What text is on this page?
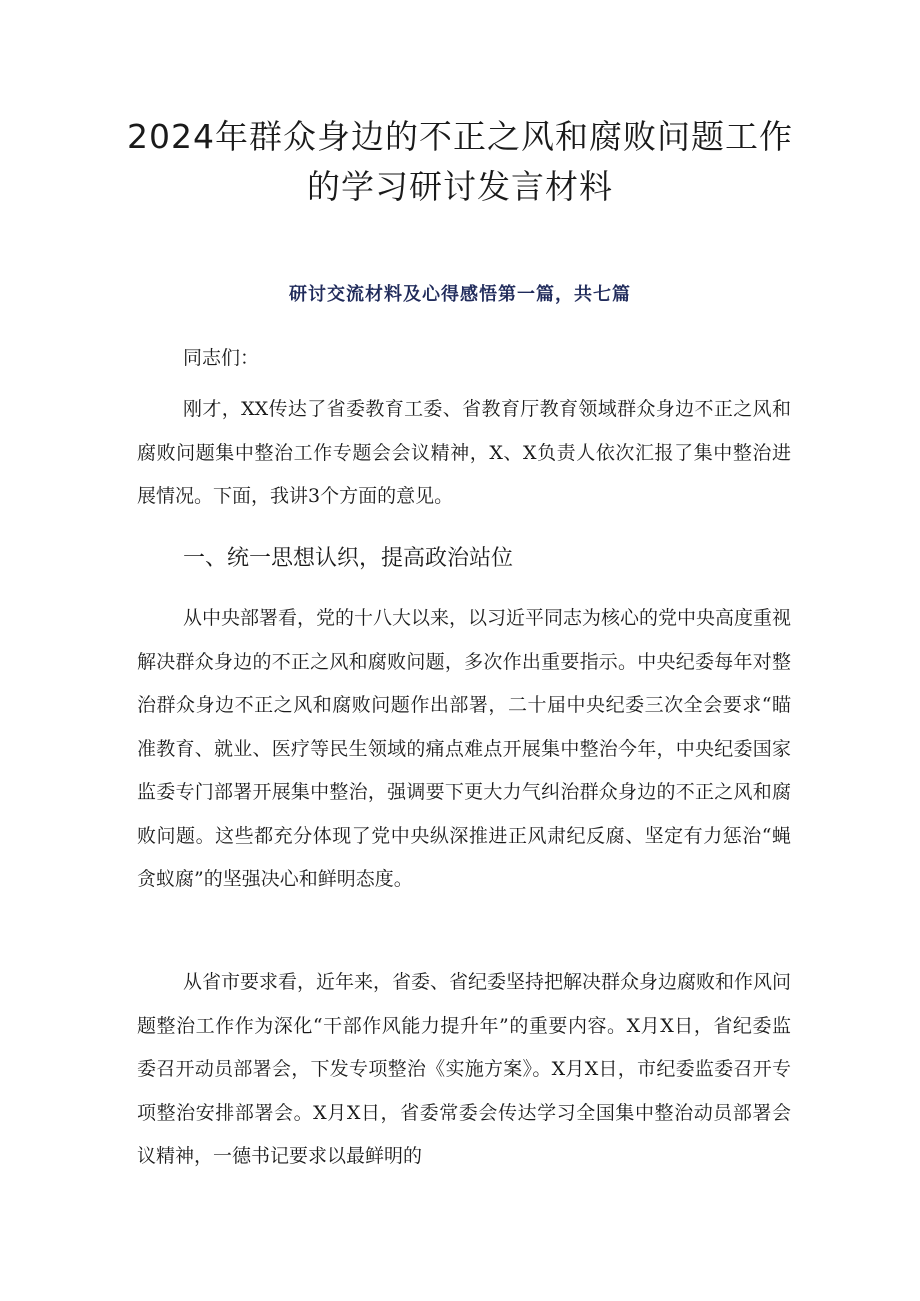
2024年群众身边的不正之风和腐败问题工作的学习研讨发言材料

研讨交流材料及心得感悟第一篇，共七篇

同志们：

刚才，XX传达了省委教育工委、省教育厅教育领域群众身边不正之风和腐败问题集中整治工作专题会会议精神，X、X负责人依次汇报了集中整治进展情况。下面，我讲3个方面的意见。

一、统一思想认织，提高政治站位

从中央部署看，党的十八大以来，以习近平同志为核心的党中央高度重视解决群众身边的不正之风和腐败问题，多次作出重要指示。中央纪委每年对整治群众身边不正之风和腐败问题作出部署，二十届中央纪委三次全会要求“瞄准教育、就业、医疗等民生领域的痛点难点开展集中整治今年，中央纪委国家监委专门部署开展集中整治，强调要下更大力气纠治群众身边的不正之风和腐败问题。这些都充分体现了党中央纵深推进正风肃纪反腐、坚定有力惩治“蝇贪蚁腐”的坚强决心和鲜明态度。

从省市要求看，近年来，省委、省纪委坚持把解决群众身边腐败和作风问题整治工作作为深化“干部作风能力提升年”的重要内容。X月X日，省纪委监委召开动员部署会，下发专项整治《实施方案》。X月X日，市纪委监委召开专项整治安排部署会。X月X日，省委常委会传达学习全国集中整治动员部署会议精神，一德书记要求以最鲜明的
